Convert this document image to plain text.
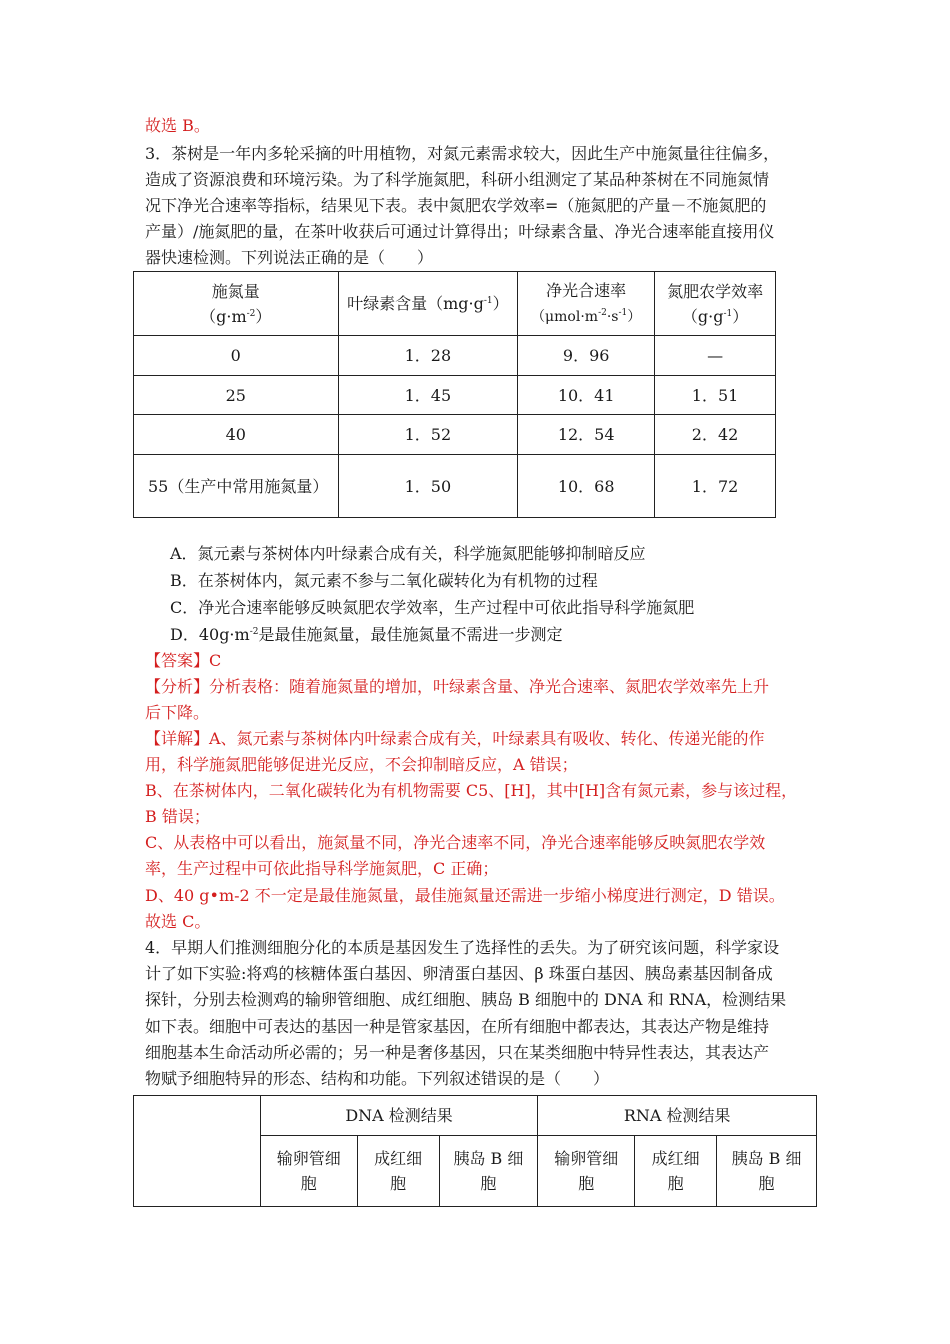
故选 B。
3．茶树是一年内多轮采摘的叶用植物，对氮元素需求较大，因此生产中施氮量往往偏多，
造成了资源浪费和环境污染。为了科学施氮肥，科研小组测定了某品种茶树在不同施氮情
况下净光合速率等指标，结果见下表。表中氮肥农学效率=（施氮肥的产量－不施氮肥的
产量）/施氮肥的量，在茶叶收获后可通过计算得出；叶绿素含量、净光合速率能直接用仪
器快速检测。下列说法正确的是（　　）
施氮量
$(g\cdot m^{-2})$	叶绿素含量$(mg\cdot g^{-1})$	净光合速率
$(\mu mol\cdot m^{-2}\cdot s^{-1})$	氮肥农学效率
$(g\cdot g^{-1})$
0	1．28	9．96	—
25	1．45	10．41	1．51
40	1．52	12．54	2．42
55（生产中常用施氮量）	1．50	10．68	1．72
A．氮元素与茶树体内叶绿素合成有关，科学施氮肥能够抑制暗反应
B．在茶树体内，氮元素不参与二氧化碳转化为有机物的过程
C．净光合速率能够反映氮肥农学效率，生产过程中可依此指导科学施氮肥
D．$40g\cdot m^{-2}$是最佳施氮量，最佳施氮量不需进一步测定
【答案】C
【分析】分析表格：随着施氮量的增加，叶绿素含量、净光合速率、氮肥农学效率先上升
后下降。
【详解】A、氮元素与茶树体内叶绿素合成有关，叶绿素具有吸收、转化、传递光能的作
用，科学施氮肥能够促进光反应，不会抑制暗反应，A 错误；
B、在茶树体内，二氧化碳转化为有机物需要 C5、[H]，其中[H]含有氮元素，参与该过程，
B 错误；
C、从表格中可以看出，施氮量不同，净光合速率不同，净光合速率能够反映氮肥农学效
率，生产过程中可依此指导科学施氮肥，C 正确；
D、40 g•m-2 不一定是最佳施氮量，最佳施氮量还需进一步缩小梯度进行测定，D 错误。
故选 C。
4．早期人们推测细胞分化的本质是基因发生了选择性的丢失。为了研究该问题，科学家设
计了如下实验:将鸡的核糖体蛋白基因、卵清蛋白基因、β 珠蛋白基因、胰岛素基因制备成
探针，分别去检测鸡的输卵管细胞、成红细胞、胰岛 B 细胞中的 DNA 和 RNA，检测结果
如下表。细胞中可表达的基因一种是管家基因，在所有细胞中都表达，其表达产物是维持
细胞基本生命活动所必需的；另一种是奢侈基因，只在某类细胞中特异性表达，其表达产
物赋予细胞特异的形态、结构和功能。下列叙述错误的是（　　）
	DNA 检测结果			RNA 检测结果		
	输卵管细
胞	成红细
胞	胰岛 B 细
胞	输卵管细
胞	成红细
胞	胰岛 B 细
胞
